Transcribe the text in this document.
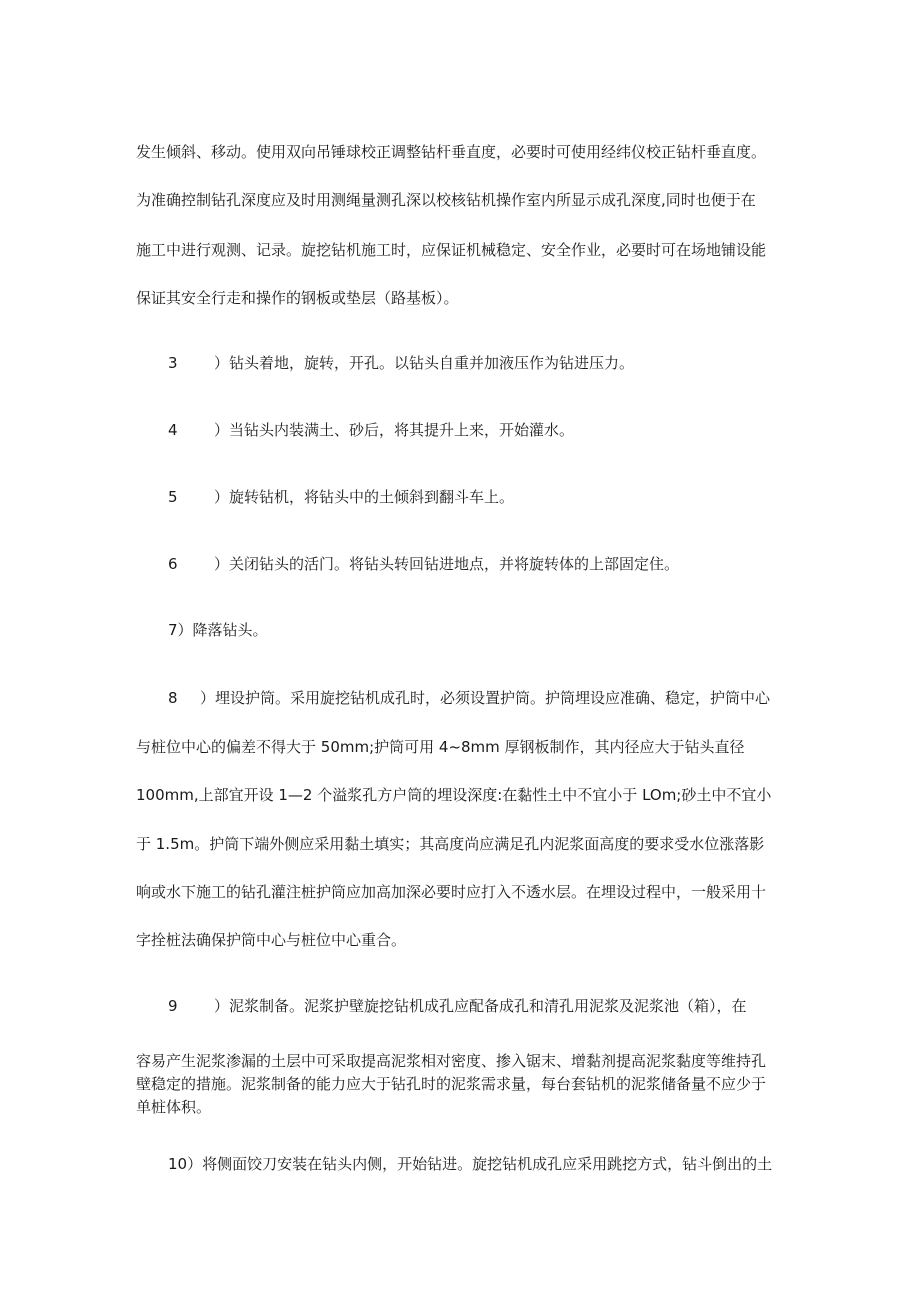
发生倾斜、移动。使用双向吊锤球校正调整钻杆垂直度，必要时可使用经纬仪校正钻杆垂直度。
为准确控制钻孔深度应及时用测绳量测孔深以校核钻机操作室内所显示成孔深度,同时也便于在
施工中进行观测、记录。旋挖钻机施工时，应保证机械稳定、安全作业，必要时可在场地铺设能
保证其安全行走和操作的钢板或垫层（路基板）。
3 ）钻头着地，旋转，开孔。以钻头自重并加液压作为钻进压力。
4 ）当钻头内装满土、砂后，将其提升上来，开始灌水。
5 ）旋转钻机，将钻头中的土倾斜到翻斗车上。
6 ）关闭钻头的活门。将钻头转回钻进地点，并将旋转体的上部固定住。
7）降落钻头。
8 ）埋设护筒。采用旋挖钻机成孔时，必须设置护筒。护筒埋设应准确、稳定，护筒中心
与桩位中心的偏差不得大于 50mm;护筒可用 4~8mm 厚钢板制作，其内径应大于钻头直径
100mm,上部宜开设 1—2 个溢浆孔方户筒的埋设深度:在黏性土中不宜小于 LOm;砂土中不宜小
于 1.5m。护筒下端外侧应采用黏土填实；其高度尚应满足孔内泥浆面高度的要求受水位涨落影
响或水下施工的钻孔灌注桩护筒应加高加深必要时应打入不透水层。在埋设过程中，一般采用十
字拴桩法确保护筒中心与桩位中心重合。
9 ）泥浆制备。泥浆护壁旋挖钻机成孔应配备成孔和清孔用泥浆及泥浆池（箱），在
容易产生泥浆渗漏的土层中可采取提高泥浆相对密度、掺入锯末、增黏剂提高泥浆黏度等维持孔
壁稳定的措施。泥浆制备的能力应大于钻孔时的泥浆需求量，每台套钻机的泥浆储备量不应少于
单桩体积。
10）将侧面饺刀安装在钻头内侧，开始钻进。旋挖钻机成孔应采用跳挖方式，钻斗倒出的土
